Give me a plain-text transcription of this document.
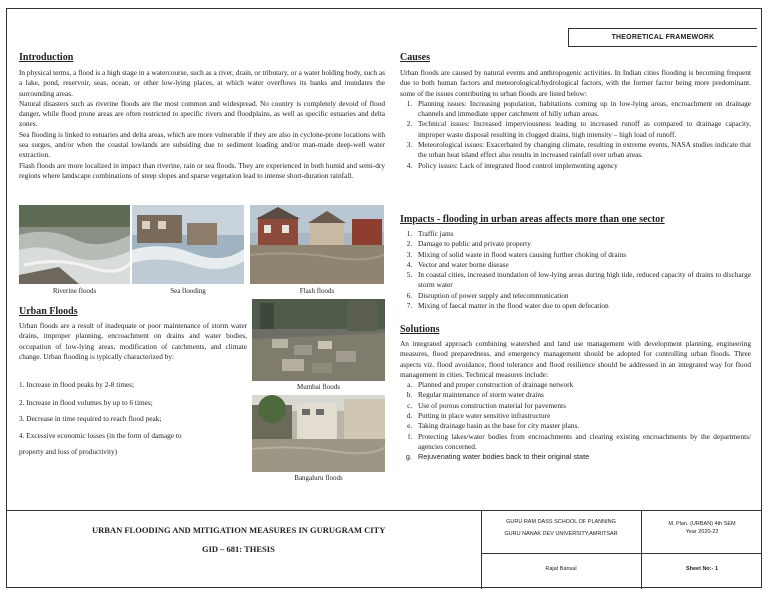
THEORETICAL FRAMEWORK
Introduction

In physical terms, a flood is a high stage in a watercourse, such as a river, drain, or tributary, or a water holding body, such as a lake, pond, reservoir, seas, ocean, or other low-lying places, at which water overflows its banks and inundates the surrounding areas.

Natural disasters such as riverine floods are the most common and widespread. No country is completely devoid of flood danger, while flood prone areas are often restricted to specific rivers and floodplains, as well as specific estuaries and delta zones.

Sea flooding is linked to estuaries and delta areas, which are more vulnerable if they are also in cyclone-prone locations with sea surges, and/or when the coastal lowlands are subsiding due to sediment loading and/or man-made deep-well water extraction.

Flash floods are more localized in impact than riverine, rain or sea floods. They are experienced in both humid and semi-dry regions where landscape combinations of steep slopes and sparse vegetation lead to intense short-duration rainfall.

Riverine floods	Sea flooding	Flash floods
Urban Floods
Urban floods are a result of inadequate or poor maintenance of storm water drains, improper planning, encroachment on drains and water bodies, occupation of low-lying areas, modification of catchments, and climate change. Urban flooding is typically characterized by:
1. Increase in flood peaks by 2-8 times;
2. Increase in flood volumes by up to 6 times;
3. Decrease in time required to reach flood peak;
4. Excessive economic losses (in the form of damage to
property and loss of productivity)
Mumbai floods
Bangaluru floods
Causes

Urban floods are caused by natural events and anthropogenic activities. In Indian cities flooding is becoming frequent due to both human factors and meteorological/hydrological factors, with the former factor being more predominant. some of the issues contributing to urban floods are listed below:

1. Planning issues: Increasing population, habitations coming up in low-lying areas, encroachment on drainage channels and immediate upper catchment of hilly urban areas.
2. Technical issues: Increased imperviousness leading to increased runoff as compared to drainage capacity, improper waste disposal resulting in clogged drains, high intensity – high load of runoff.
3. Meteorological issues: Exacerbated by changing climate, resulting in extreme events, NASA studies indicate that the urban heat island effect also results in increased rainfall over urban areas.
4. Policy issues: Lack of integrated flood control implementing agency
Impacts - flooding in urban areas affects more than one sector
1. Traffic jams
2. Damage to public and private property
3. Mixing of solid waste in flood waters causing further choking of drains
4. Vector and water borne disease
5. In coastal cities, increased inundation of low-lying areas during high tide, reduced capacity of drains to discharge storm water
6. Disruption of power supply and telecommunication
7. Mixing of faecal matter in the flood water due to open defecation
Solutions

An integrated approach combining watershed and land use management with development planning, engineering measures, flood preparedness, and emergency management should be adopted for controlling urban floods. Three aspects viz. flood avoidance, flood tolerance and flood resilience should be addressed in an integrated way for flood management in cities. Technical measures include:

a. Planned and proper construction of drainage network
b. Regular maintenance of storm water drains
c. Use of porous construction material for pavements
d. Putting in place water sensitive infrastructure
e. Taking drainage basin as the base for city master plans.
f. Protecting lakes/water bodies from encroachments and clearing existing encroachments by the departments/ agencies concerned.
g. Rejuvenating water bodies back to their original state
URBAN FLOODING AND MITIGATION MEASURES IN GURUGRAM CITY
GID – 681: THESIS
GURU RAM DASS SCHOOL OF PLANNING
GURU NANAK DEV UNIVERSITY,AMRITSAR
M. Plan. (URBAN) 4th SEM
Year 2020-22
Rajat Bansal	Sheet No:- 1
